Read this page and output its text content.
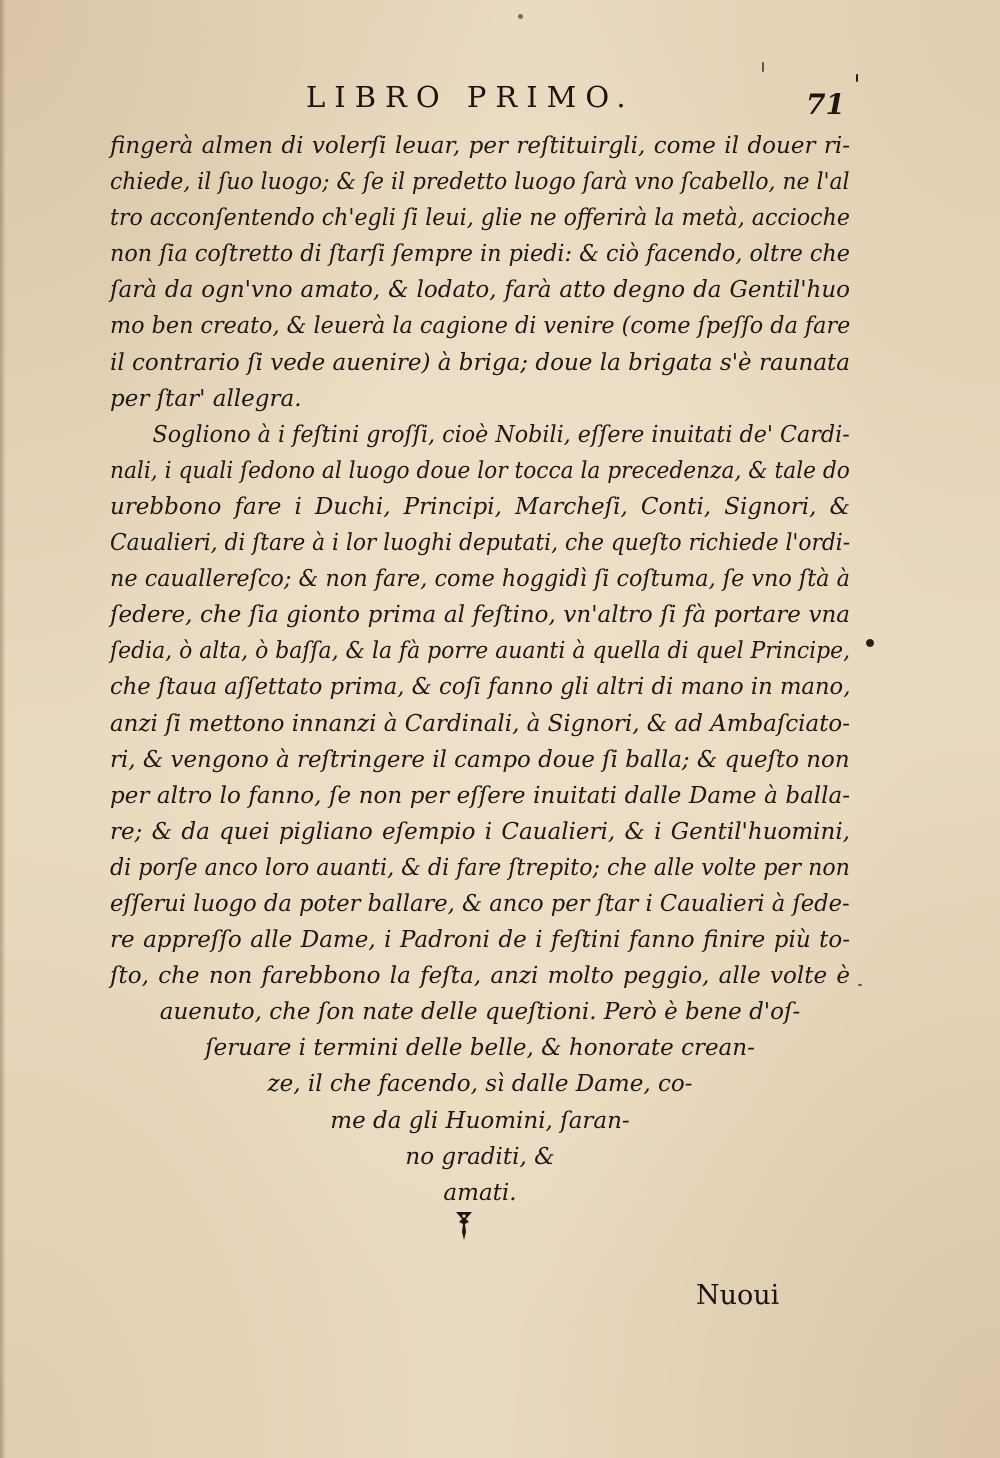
LIBRO PRIMO.	71
fingerà almen di volerſi leuar, per reſtituirgli, come il douer ri-
chiede, il ſuo luogo; & ſe il predetto luogo ſarà vno ſcabello, ne l'al
tro acconſentendo ch'egli ſi leui, glie ne offerirà la metà, accioche
non ſia coſtretto di ſtarſi ſempre in piedi: & ciò facendo, oltre che
ſarà da ogn'vno amato, & lodato, farà atto degno da Gentil'huo
mo ben creato, & leuerà la cagione di venire (come ſpeſſo da fare
il contrario ſi vede auenire) à briga; doue la brigata s'è raunata
per ſtar' allegra.
Sogliono à i feſtini groſſi, cioè Nobili, eſſere inuitati de' Cardi-
nali, i quali ſedono al luogo doue lor tocca la precedenza, & tale do
urebbono fare i Duchi, Principi, Marcheſi, Conti, Signori, &
Caualieri, di ſtare à i lor luoghi deputati, che queſto richiede l'ordi-
ne cauallereſco; & non fare, come hoggidì ſi coſtuma, ſe vno ſtà à
ſedere, che ſia gionto prima al feſtino, vn'altro ſi fà portare vna
ſedia, ò alta, ò baſſa, & la fà porre auanti à quella di quel Principe,
che ſtaua aſſettato prima, & coſi fanno gli altri di mano in mano,
anzi ſi mettono innanzi à Cardinali, à Signori, & ad Ambaſciato-
ri, & vengono à reſtringere il campo doue ſi balla; & queſto non
per altro lo fanno, ſe non per eſſere inuitati dalle Dame à balla-
re; & da quei pigliano eſempio i Caualieri, & i Gentil'huomini,
di porſe anco loro auanti, & di fare ſtrepito; che alle volte per non
eſſerui luogo da poter ballare, & anco per ſtar i Caualieri à ſede-
re appreſſo alle Dame, i Padroni de i feſtini fanno finire più to-
ſto, che non farebbono la feſta, anzi molto peggio, alle volte è
auenuto, che ſon nate delle queſtioni. Però è bene d'oſ-
ſeruare i termini delle belle, & honorate crean-
ze, il che facendo, sì dalle Dame, co-
me da gli Huomini, ſaran-
no graditi, &
amati.
Nuoui
